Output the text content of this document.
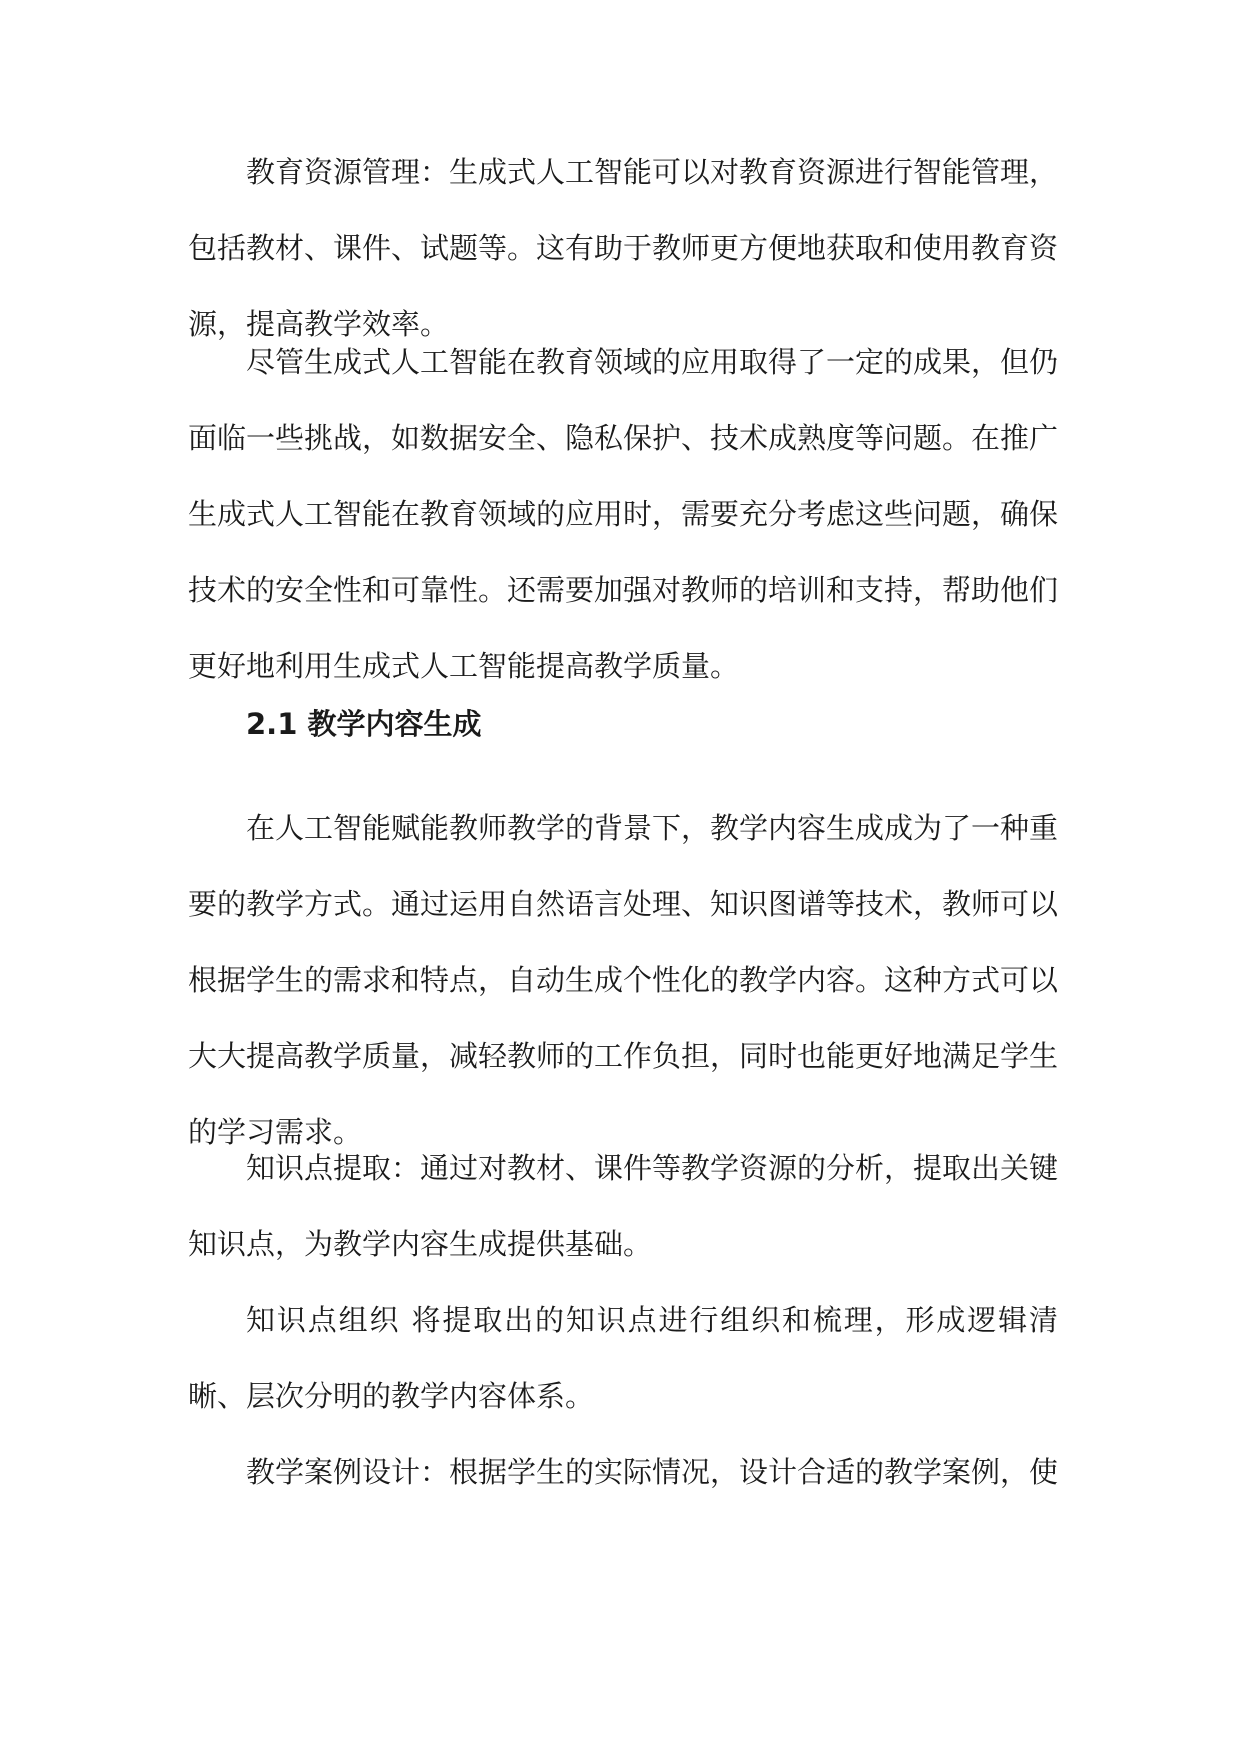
教育资源管理：生成式人工智能可以对教育资源进行智能管理，包括教材、课件、试题等。这有助于教师更方便地获取和使用教育资源，提高教学效率。

尽管生成式人工智能在教育领域的应用取得了一定的成果，但仍面临一些挑战，如数据安全、隐私保护、技术成熟度等问题。在推广生成式人工智能在教育领域的应用时，需要充分考虑这些问题，确保技术的安全性和可靠性。还需要加强对教师的培训和支持，帮助他们更好地利用生成式人工智能提高教学质量。

2.1 教学内容生成

在人工智能赋能教师教学的背景下，教学内容生成成为了一种重要的教学方式。通过运用自然语言处理、知识图谱等技术，教师可以根据学生的需求和特点，自动生成个性化的教学内容。这种方式可以大大提高教学质量，减轻教师的工作负担，同时也能更好地满足学生的学习需求。

知识点提取：通过对教材、课件等教学资源的分析，提取出关键知识点，为教学内容生成提供基础。

知识点组织 将提取出的知识点进行组织和梳理，形成逻辑清晰、层次分明的教学内容体系。

教学案例设计：根据学生的实际情况，设计合适的教学案例，使
